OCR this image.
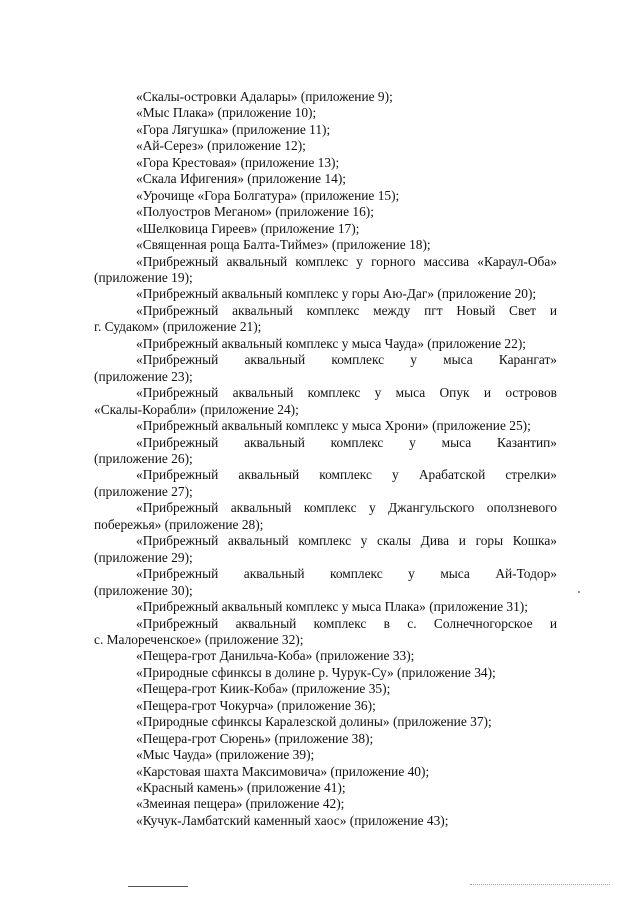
«Скалы-островки Адалары» (приложение 9);
«Мыс Плака» (приложение 10);
«Гора Лягушка» (приложение 11);
«Ай-Серез» (приложение 12);
«Гора Крестовая» (приложение 13);
«Скала Ифигения» (приложение 14);
«Урочище «Гора Болгатура» (приложение 15);
«Полуостров Меганом» (приложение 16);
«Шелковица Гиреев» (приложение 17);
«Священная роща Балта-Тиймез» (приложение 18);
«Прибрежный аквальный комплекс у горного массива «Караул-Оба»
(приложение 19);
«Прибрежный аквальный комплекс у горы Аю-Даг» (приложение 20);
«Прибрежный аквальный комплекс между пгт Новый Свет и
г. Судаком» (приложение 21);
«Прибрежный аквальный комплекс у мыса Чауда» (приложение 22);
«Прибрежный аквальный комплекс у мыса Карангат»
(приложение 23);
«Прибрежный аквальный комплекс у мыса Опук и островов
«Скалы-Корабли» (приложение 24);
«Прибрежный аквальный комплекс у мыса Хрони» (приложение 25);
«Прибрежный аквальный комплекс у мыса Казантип»
(приложение 26);
«Прибрежный аквальный комплекс у Арабатской стрелки»
(приложение 27);
«Прибрежный аквальный комплекс у Джангульского оползневого
побережья» (приложение 28);
«Прибрежный аквальный комплекс у скалы Дива и горы Кошка»
(приложение 29);
«Прибрежный аквальный комплекс у мыса Ай-Тодор»
(приложение 30);
«Прибрежный аквальный комплекс у мыса Плака» (приложение 31);
«Прибрежный аквальный комплекс в с. Солнечногорское и
с. Малореченское» (приложение 32);
«Пещера-грот Данильча-Коба» (приложение 33);
«Природные сфинксы в долине р. Чурук-Су» (приложение 34);
«Пещера-грот Киик-Коба» (приложение 35);
«Пещера-грот Чокурча» (приложение 36);
«Природные сфинксы Каралезской долины» (приложение 37);
«Пещера-грот Сюрень» (приложение 38);
«Мыс Чауда» (приложение 39);
«Карстовая шахта Максимовича» (приложение 40);
«Красный камень» (приложение 41);
«Змеиная пещера» (приложение 42);
«Кучук-Ламбатский каменный хаос» (приложение 43);
